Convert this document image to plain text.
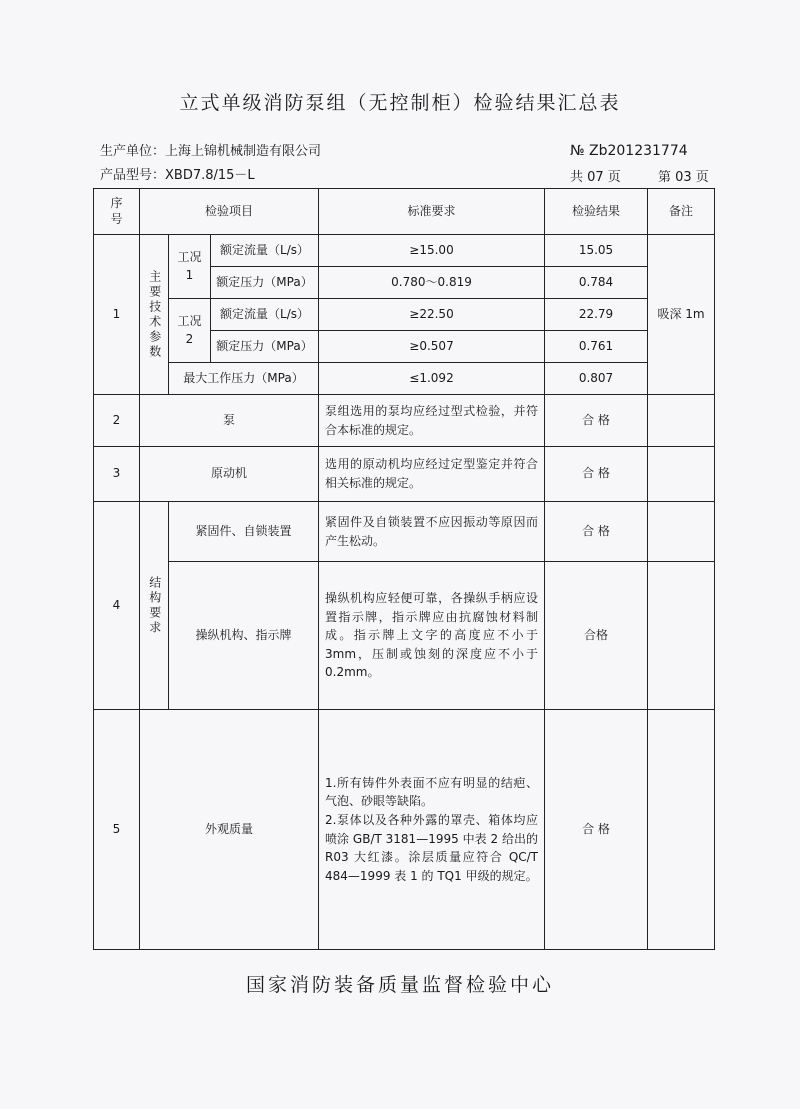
立式单级消防泵组（无控制柜）检验结果汇总表
生产单位：上海上锦机械制造有限公司
产品型号：XBD7.8/15－L
№ Zb201231774
共 07 页	第 03 页
序号	检验项目			标准要求	检验结果	备注
1	主要技术参数	工况 1	额定流量（L/s）	≥15.00	15.05	吸深 1m
			额定压力（MPa）	0.780～0.819	0.784	
		工况 2	额定流量（L/s）	≥22.50	22.79	
			额定压力（MPa）	≥0.507	0.761	
		最大工作压力（MPa）		≤1.092	0.807	
2	泵			泵组选用的泵均应经过型式检验，并符合本标准的规定。	合 格	
3	原动机			选用的原动机均应经过定型鉴定并符合相关标准的规定。	合 格	
4	结构要求	紧固件、自锁装置		紧固件及自锁装置不应因振动等原因而产生松动。	合 格	
		操纵机构、指示牌		操纵机构应轻便可靠，各操纵手柄应设置指示牌，指示牌应由抗腐蚀材料制成。指示牌上文字的高度应不小于 3mm，压制或蚀刻的深度应不小于 0.2mm。	合格	
5	外观质量			1.所有铸件外表面不应有明显的结疤、气泡、砂眼等缺陷。
2.泵体以及各种外露的罩壳、箱体均应喷涂 GB/T 3181—1995 中表 2 给出的 R03 大红漆。涂层质量应符合 QC/T 484—1999 表 1 的 TQ1 甲级的规定。	合 格	
国家消防装备质量监督检验中心
